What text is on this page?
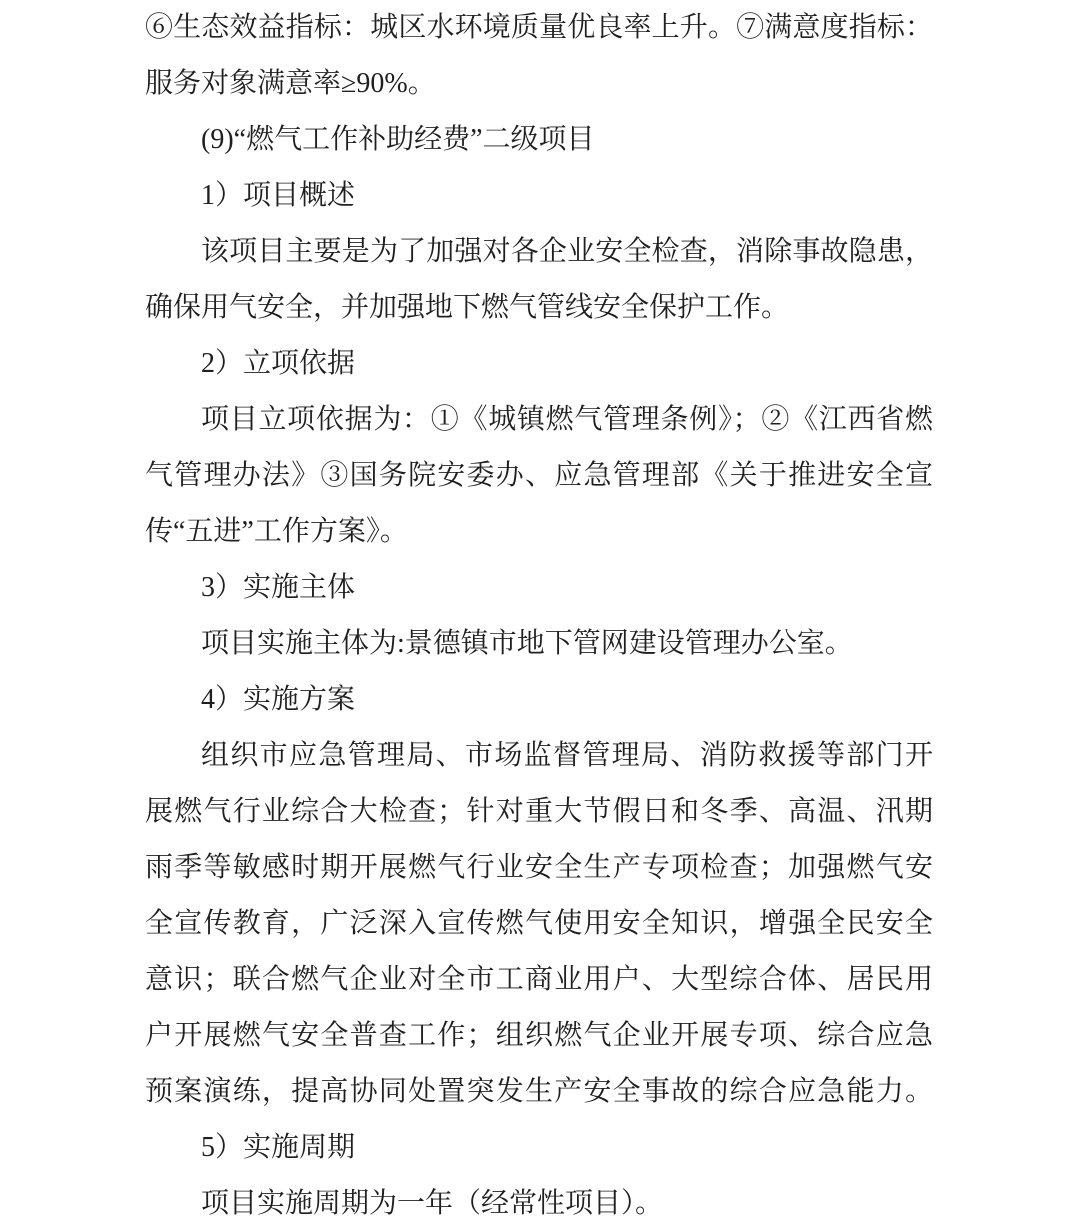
⑥生态效益指标：城区水环境质量优良率上升。⑦满意度指标：
服务对象满意率≥90%。
(9)“燃气工作补助经费”二级项目
1）项目概述
该项目主要是为了加强对各企业安全检查，消除事故隐患，
确保用气安全，并加强地下燃气管线安全保护工作。
2）立项依据
项目立项依据为：①《城镇燃气管理条例》；②《江西省燃
气管理办法》③国务院安委办、应急管理部《关于推进安全宣
传“五进”工作方案》。
3）实施主体
项目实施主体为:景德镇市地下管网建设管理办公室。
4）实施方案
组织市应急管理局、市场监督管理局、消防救援等部门开
展燃气行业综合大检查；针对重大节假日和冬季、高温、汛期
雨季等敏感时期开展燃气行业安全生产专项检查；加强燃气安
全宣传教育，广泛深入宣传燃气使用安全知识，增强全民安全
意识；联合燃气企业对全市工商业用户、大型综合体、居民用
户开展燃气安全普查工作；组织燃气企业开展专项、综合应急
预案演练，提高协同处置突发生产安全事故的综合应急能力。
5）实施周期
项目实施周期为一年（经常性项目）。
